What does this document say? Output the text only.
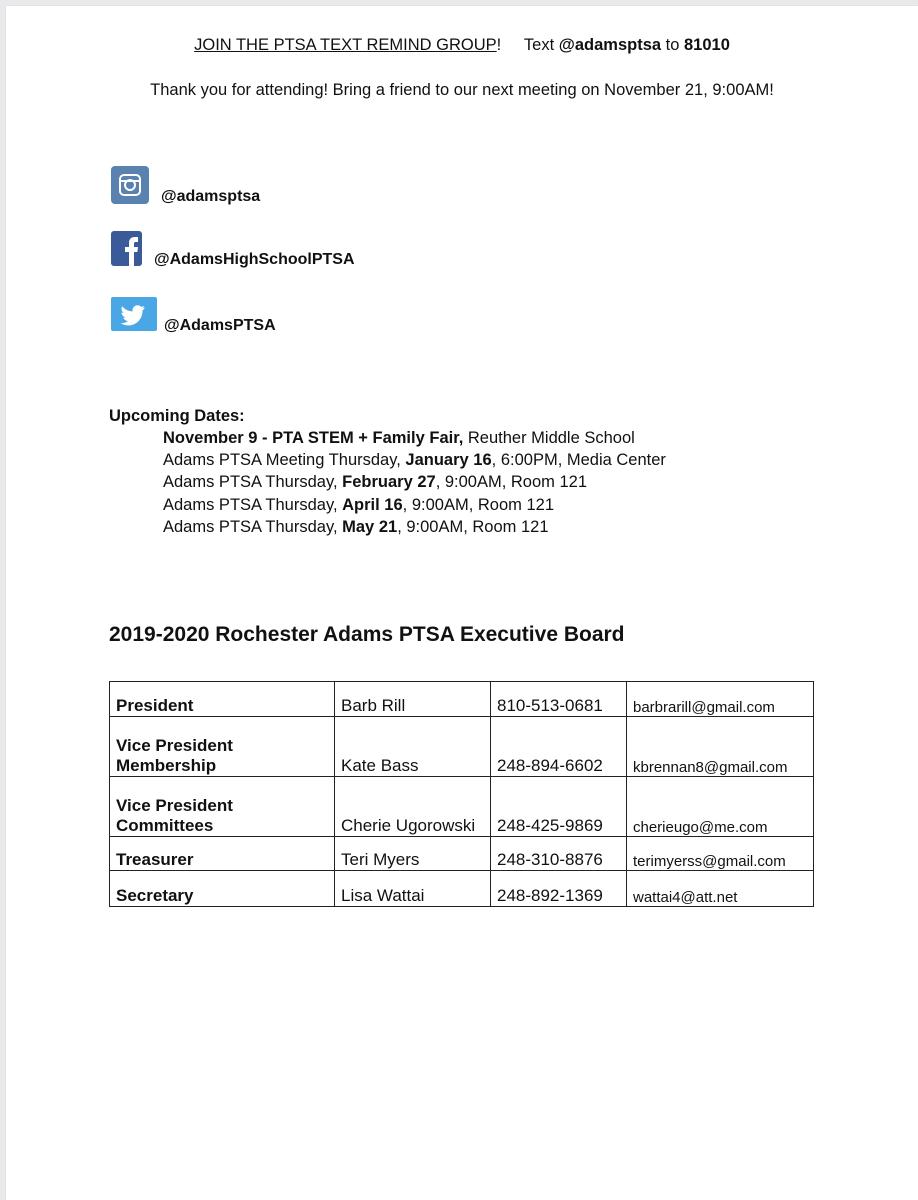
JOIN THE PTSA TEXT REMIND GROUP! Text @adamsptsa to 81010
Thank you for attending! Bring a friend to our next meeting on November 21, 9:00AM!
@adamsptsa
@AdamsHighSchoolPTSA
@AdamsPTSA
Upcoming Dates:
November 9 - PTA STEM + Family Fair, Reuther Middle School
Adams PTSA Meeting Thursday, January 16, 6:00PM, Media Center
Adams PTSA Thursday, February 27, 9:00AM, Room 121
Adams PTSA Thursday, April 16, 9:00AM, Room 121
Adams PTSA Thursday, May 21, 9:00AM, Room 121
2019-2020 Rochester Adams PTSA Executive Board
President	Barb Rill	810-513-0681	barbrarill@gmail.com
Vice President
Membership	Kate Bass	248-894-6602	kbrennan8@gmail.com
Vice President
Committees	Cherie Ugorowski	248-425-9869	cherieugo@me.com
Treasurer	Teri Myers	248-310-8876	terimyerss@gmail.com
Secretary	Lisa Wattai	248-892-1369	wattai4@att.net
